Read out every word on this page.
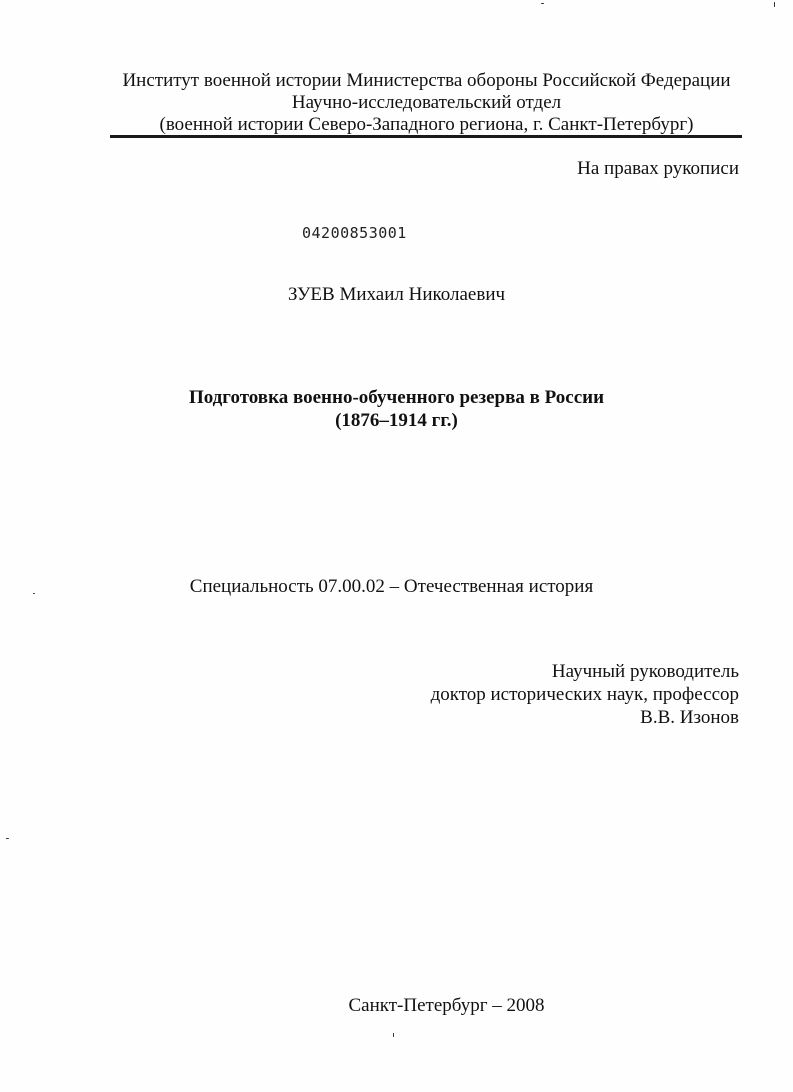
Институт военной истории Министерства обороны Российской Федерации
Научно-исследовательский отдел
(военной истории Северо-Западного региона, г. Санкт-Петербург)
На правах рукописи
04200853001
ЗУЕВ Михаил Николаевич
Подготовка военно-обученного резерва в России
(1876–1914 гг.)
Специальность 07.00.02 – Отечественная история
Научный руководитель
доктор исторических наук, профессор
В.В. Изонов
Санкт-Петербург – 2008
